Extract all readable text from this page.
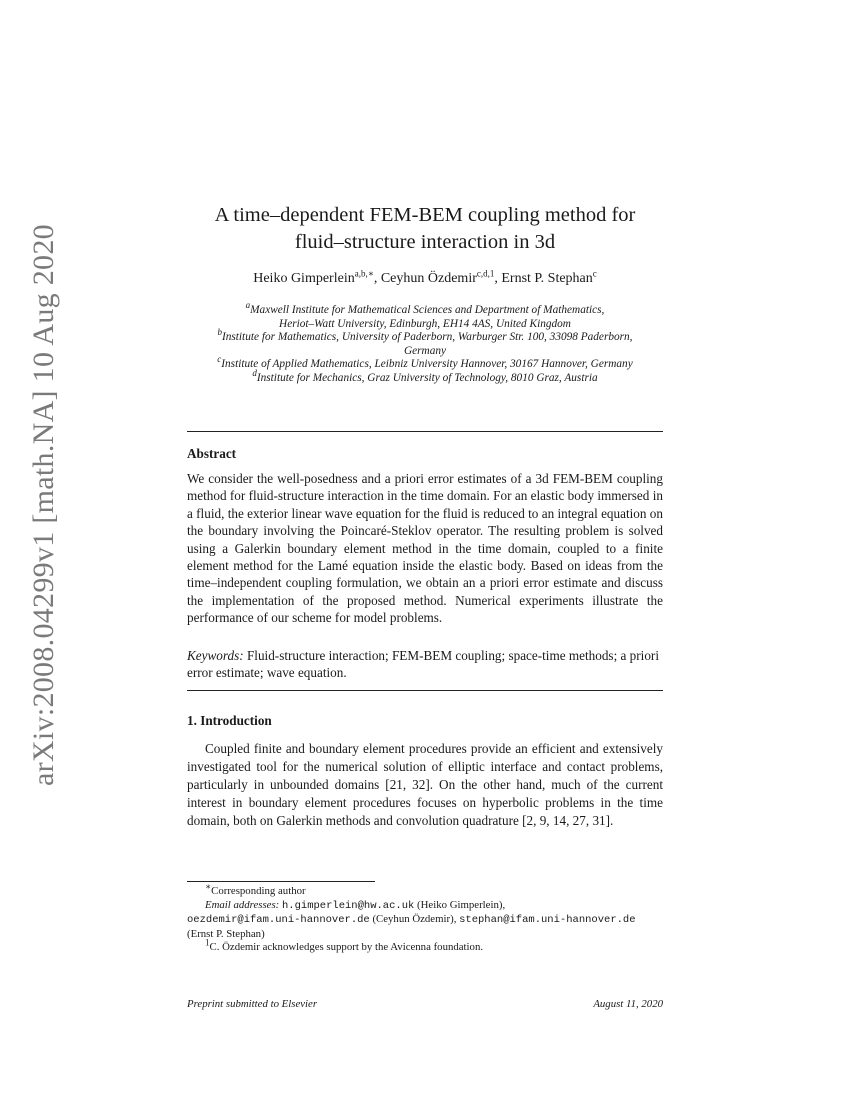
arXiv:2008.04299v1 [math.NA] 10 Aug 2020
A time–dependent FEM-BEM coupling method for
fluid–structure interaction in 3d
Heiko Gimperlein$^{a,b,∗}$, Ceyhun Özdemir$^{c,d,1}$, Ernst P. Stephan$^c$
$^a$Maxwell Institute for Mathematical Sciences and Department of Mathematics,
Heriot–Watt University, Edinburgh, EH14 4AS, United Kingdom
$^b$Institute for Mathematics, University of Paderborn, Warburger Str. 100, 33098 Paderborn,
Germany
$^c$Institute of Applied Mathematics, Leibniz University Hannover, 30167 Hannover, Germany
$^d$Institute for Mechanics, Graz University of Technology, 8010 Graz, Austria
Abstract
We consider the well-posedness and a priori error estimates of a 3d FEM-BEM coupling method for fluid-structure interaction in the time domain. For an elastic body immersed in a fluid, the exterior linear wave equation for the fluid is reduced to an integral equation on the boundary involving the Poincaré-Steklov operator. The resulting problem is solved using a Galerkin boundary element method in the time domain, coupled to a finite element method for the Lamé equation inside the elastic body. Based on ideas from the time–independent coupling formulation, we obtain an a priori error estimate and discuss the implementation of the proposed method. Numerical experiments illustrate the performance of our scheme for model problems.
Keywords: Fluid-structure interaction; FEM-BEM coupling; space-time methods; a priori error estimate; wave equation.
1. Introduction
Coupled finite and boundary element procedures provide an efficient and extensively investigated tool for the numerical solution of elliptic interface and contact problems, particularly in unbounded domains [21, 32]. On the other hand, much of the current interest in boundary element procedures focuses on hyperbolic problems in the time domain, both on Galerkin methods and convolution quadrature [2, 9, 14, 27, 31].
∗Corresponding author
Email addresses: h.gimperlein@hw.ac.uk (Heiko Gimperlein),
oezdemir@ifam.uni-hannover.de (Ceyhun Özdemir), stephan@ifam.uni-hannover.de
(Ernst P. Stephan)
$^1$C. Özdemir acknowledges support by the Avicenna foundation.
Preprint submitted to Elsevier	August 11, 2020
